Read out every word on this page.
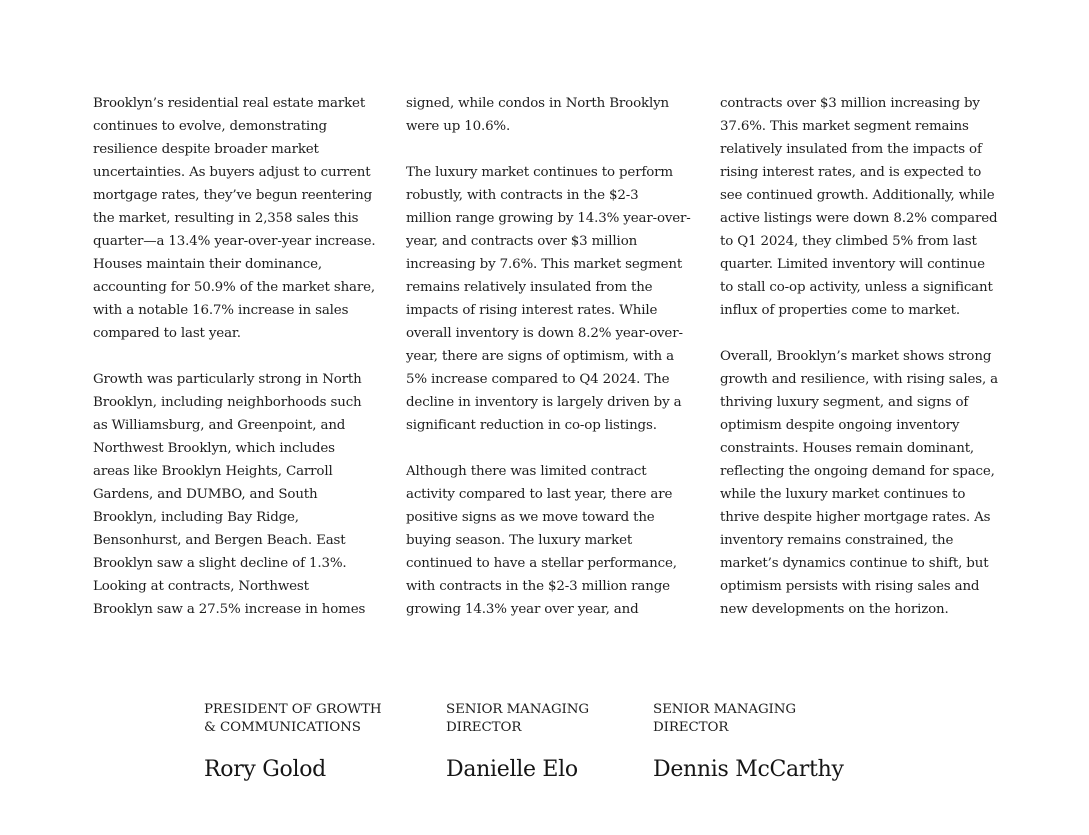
Brooklyn’s residential real estate market
continues to evolve, demonstrating
resilience despite broader market
uncertainties. As buyers adjust to current
mortgage rates, they’ve begun reentering
the market, resulting in 2,358 sales this
quarter—a 13.4% year-over-year increase.
Houses maintain their dominance,
accounting for 50.9% of the market share,
with a notable 16.7% increase in sales
compared to last year.
Growth was particularly strong in North
Brooklyn, including neighborhoods such
as Williamsburg, and Greenpoint, and
Northwest Brooklyn, which includes
areas like Brooklyn Heights, Carroll
Gardens, and DUMBO, and South
Brooklyn, including Bay Ridge,
Bensonhurst, and Bergen Beach. East
Brooklyn saw a slight decline of 1.3%.
Looking at contracts, Northwest
Brooklyn saw a 27.5% increase in homes
signed, while condos in North Brooklyn
were up 10.6%.
The luxury market continues to perform
robustly, with contracts in the $2-3
million range growing by 14.3% year-over-
year, and contracts over $3 million
increasing by 7.6%. This market segment
remains relatively insulated from the
impacts of rising interest rates. While
overall inventory is down 8.2% year-over-
year, there are signs of optimism, with a
5% increase compared to Q4 2024. The
decline in inventory is largely driven by a
significant reduction in co-op listings.
Although there was limited contract
activity compared to last year, there are
positive signs as we move toward the
buying season. The luxury market
continued to have a stellar performance,
with contracts in the $2-3 million range
growing 14.3% year over year, and
contracts over $3 million increasing by
37.6%. This market segment remains
relatively insulated from the impacts of
rising interest rates, and is expected to
see continued growth. Additionally, while
active listings were down 8.2% compared
to Q1 2024, they climbed 5% from last
quarter. Limited inventory will continue
to stall co-op activity, unless a significant
influx of properties come to market.
Overall, Brooklyn’s market shows strong
growth and resilience, with rising sales, a
thriving luxury segment, and signs of
optimism despite ongoing inventory
constraints. Houses remain dominant,
reflecting the ongoing demand for space,
while the luxury market continues to
thrive despite higher mortgage rates. As
inventory remains constrained, the
market’s dynamics continue to shift, but
optimism persists with rising sales and
new developments on the horizon.
PRESIDENT OF GROWTH
& COMMUNICATIONS
Rory Golod
SENIOR MANAGING
DIRECTOR
Danielle Elo
SENIOR MANAGING
DIRECTOR
Dennis McCarthy
